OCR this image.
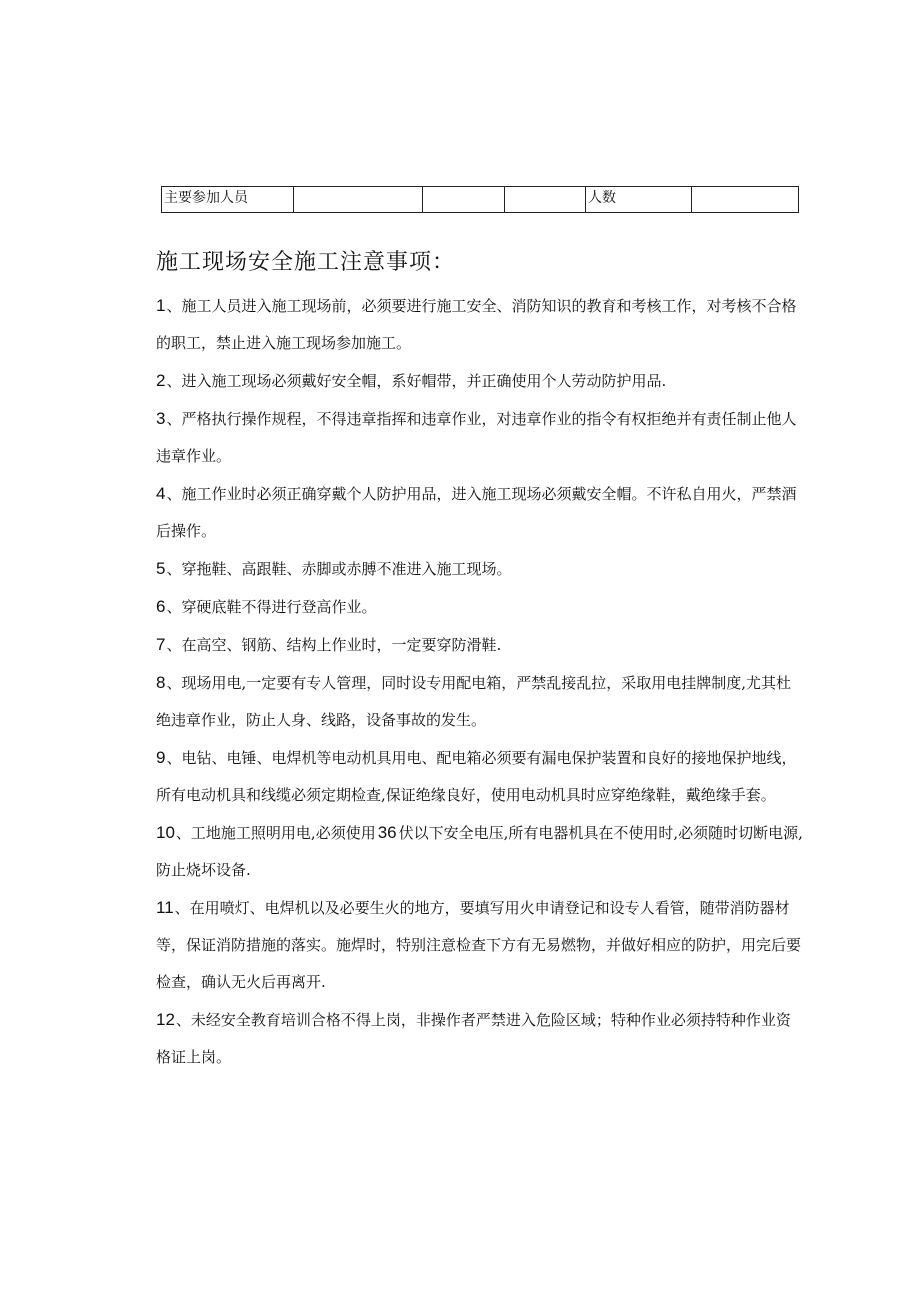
主要参加人员				人数	
施工现场安全施工注意事项：

1、施工人员进入施工现场前，必须要进行施工安全、消防知识的教育和考核工作，对考核不合格的职工，禁止进入施工现场参加施工。

2、进入施工现场必须戴好安全帽，系好帽带，并正确使用个人劳动防护用品.

3、严格执行操作规程，不得违章指挥和违章作业，对违章作业的指令有权拒绝并有责任制止他人违章作业。

4、施工作业时必须正确穿戴个人防护用品，进入施工现场必须戴安全帽。不许私自用火，严禁酒后操作。

5、穿拖鞋、高跟鞋、赤脚或赤膊不准进入施工现场。

6、穿硬底鞋不得进行登高作业。

7、在高空、钢筋、结构上作业时，一定要穿防滑鞋.

8、现场用电,一定要有专人管理，同时设专用配电箱，严禁乱接乱拉，采取用电挂牌制度,尤其杜绝违章作业，防止人身、线路，设备事故的发生。

9、电钻、电锤、电焊机等电动机具用电、配电箱必须要有漏电保护装置和良好的接地保护地线，所有电动机具和线缆必须定期检查,保证绝缘良好，使用电动机具时应穿绝缘鞋，戴绝缘手套。

10、工地施工照明用电,必须使用 36 伏以下安全电压,所有电器机具在不使用时,必须随时切断电源,防止烧坏设备.

11、在用喷灯、电焊机以及必要生火的地方，要填写用火申请登记和设专人看管，随带消防器材等，保证消防措施的落实。施焊时，特别注意检查下方有无易燃物，并做好相应的防护，用完后要检查，确认无火后再离开.

12、未经安全教育培训合格不得上岗，非操作者严禁进入危险区域；特种作业必须持特种作业资格证上岗。
